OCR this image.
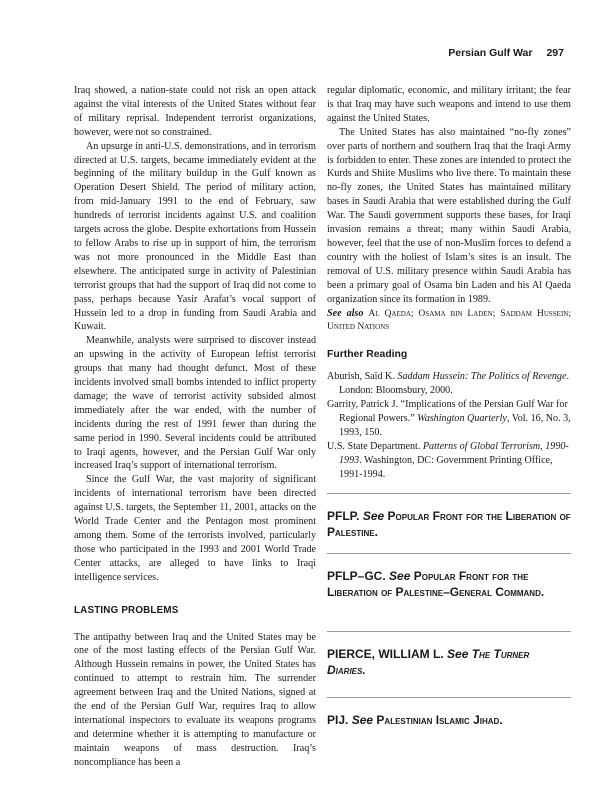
Persian Gulf War 297

Iraq showed, a nation-state could not risk an open attack against the vital interests of the United States without fear of military reprisal. Independent terrorist organizations, however, were not so constrained.

An upsurge in anti-U.S. demonstrations, and in terrorism directed at U.S. targets, became immediately evident at the beginning of the military buildup in the Gulf known as Operation Desert Shield. The period of military action, from mid-January 1991 to the end of February, saw hundreds of terrorist incidents against U.S. and coalition targets across the globe. Despite exhortations from Hussein to fellow Arabs to rise up in support of him, the terrorism was not more pronounced in the Middle East than elsewhere. The anticipated surge in activity of Palestinian terrorist groups that had the support of Iraq did not come to pass, perhaps because Yasir Arafat’s vocal support of Hussein led to a drop in funding from Saudi Arabia and Kuwait.

Meanwhile, analysts were surprised to discover instead an upswing in the activity of European leftist terrorist groups that many had thought defunct. Most of these incidents involved small bombs intended to inflict property damage; the wave of terrorist activity subsided almost immediately after the war ended, with the number of incidents during the rest of 1991 fewer than during the same period in 1990. Several incidents could be attributed to Iraqi agents, however, and the Persian Gulf War only increased Iraq’s support of international terrorism.

Since the Gulf War, the vast majority of significant incidents of international terrorism have been directed against U.S. targets, the September 11, 2001, attacks on the World Trade Center and the Pentagon most prominent among them. Some of the terrorists involved, particularly those who participated in the 1993 and 2001 World Trade Center attacks, are alleged to have links to Iraqi intelligence services.

LASTING PROBLEMS

The antipathy between Iraq and the United States may be one of the most lasting effects of the Persian Gulf War. Although Hussein remains in power, the United States has continued to attempt to restrain him. The surrender agreement between Iraq and the United Nations, signed at the end of the Persian Gulf War, requires Iraq to allow international inspectors to evaluate its weapons programs and determine whether it is attempting to manufacture or maintain weapons of mass destruction. Iraq’s noncompliance has been a

regular diplomatic, economic, and military irritant; the fear is that Iraq may have such weapons and intend to use them against the United States.

The United States has also maintained “no-fly zones” over parts of northern and southern Iraq that the Iraqi Army is forbidden to enter. These zones are intended to protect the Kurds and Shiite Muslims who live there. To maintain these no-fly zones, the United States has maintained military bases in Saudi Arabia that were established during the Gulf War. The Saudi government supports these bases, for Iraqi invasion remains a threat; many within Saudi Arabia, however, feel that the use of non-Muslim forces to defend a country with the holiest of Islam’s sites is an insult. The removal of U.S. military presence within Saudi Arabia has been a primary goal of Osama bin Laden and his Al Qaeda organization since its formation in 1989.

See also Al Qaeda; Osama bin Laden; Saddam Hussein; United Nations

Further Reading

Aburish, Saïd K. Saddam Hussein: The Politics of Revenge. London: Bloomsbury, 2000.

Garrity, Patrick J. “Implications of the Persian Gulf War for Regional Powers.” Washington Quarterly, Vol. 16, No. 3, 1993, 150.

U.S. State Department. Patterns of Global Terrorism, 1990-1993. Washington, DC: Government Printing Office, 1991-1994.

PFLP. See Popular Front for the Liberation of Palestine.
PFLP–GC. See Popular Front for the Liberation of Palestine–General Command.
PIERCE, WILLIAM L. See The Turner Diaries.
PIJ. See Palestinian Islamic Jihad.
